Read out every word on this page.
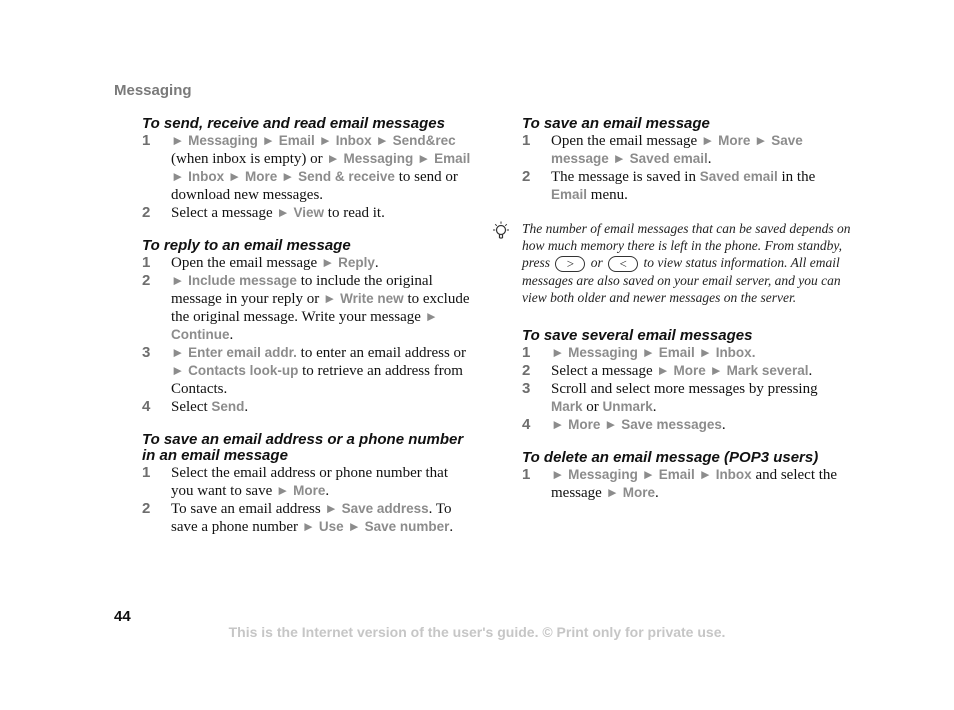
Messaging
To send, receive and read email messages
1	► Messaging ► Email ► Inbox ► Send&rec (when inbox is empty) or ► Messaging ► Email ► Inbox ► More ► Send & receive to send or download new messages.
2	Select a message ► View to read it.
To reply to an email message
1	Open the email message ► Reply.
2	► Include message to include the original message in your reply or ► Write new to exclude the original message. Write your message ► Continue.
3	► Enter email addr. to enter an email address or ► Contacts look-up to retrieve an address from Contacts.
4	Select Send.
To save an email address or a phone number in an email message
1	Select the email address or phone number that you want to save ► More.
2	To save an email address ► Save address. To save a phone number ► Use ► Save number.
To save an email message
1	Open the email message ► More ► Save message ► Saved email.
2	The message is saved in Saved email in the Email menu.
The number of email messages that can be saved depends on how much memory there is left in the phone. From standby, press > or < to view status information. All email messages are also saved on your email server, and you can view both older and newer messages on the server.
To save several email messages
1	► Messaging ► Email ► Inbox.
2	Select a message ► More ► Mark several.
3	Scroll and select more messages by pressing Mark or Unmark.
4	► More ► Save messages.
To delete an email message (POP3 users)
1	► Messaging ► Email ► Inbox and select the message ► More.
44
This is the Internet version of the user's guide. © Print only for private use.
